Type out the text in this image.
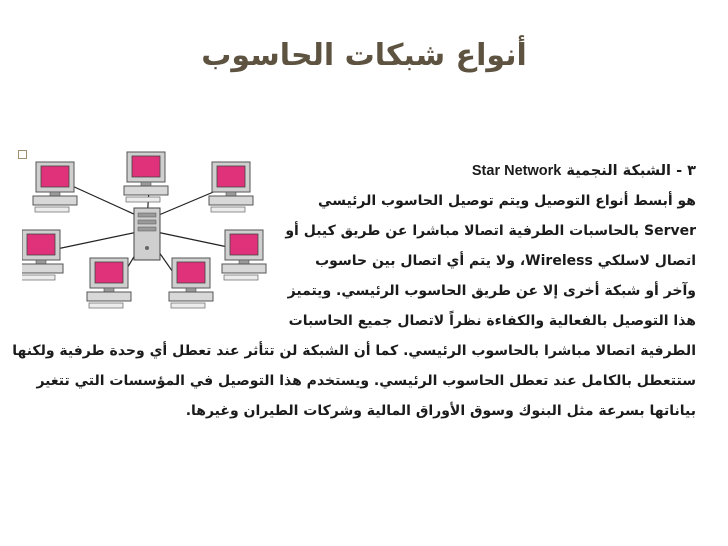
أنواع شبكات الحاسوب
٣ - الشبكة النجمية Star Network
هو أبسط أنواع التوصيل ويتم توصيل الحاسوب الرئيسي
Server بالحاسبات الطرفية اتصالا مباشرا عن طريق كيبل أو
اتصال لاسلكي Wireless، ولا يتم أي اتصال بين حاسوب
وآخر أو شبكة أخرى إلا عن طريق الحاسوب الرئيسي. ويتميز
هذا التوصيل بالفعالية والكفاءة نظراً لاتصال جميع الحاسبات
الطرفية اتصالا مباشرا بالحاسوب الرئيسي. كما أن الشبكة لن تتأثر عند تعطل أي وحدة طرفية ولكنها
ستتعطل بالكامل عند تعطل الحاسوب الرئيسي. ويستخدم هذا التوصيل في المؤسسات التي تتغير
بياناتها بسرعة مثل البنوك وسوق الأوراق المالية وشركات الطيران وغيرها.
